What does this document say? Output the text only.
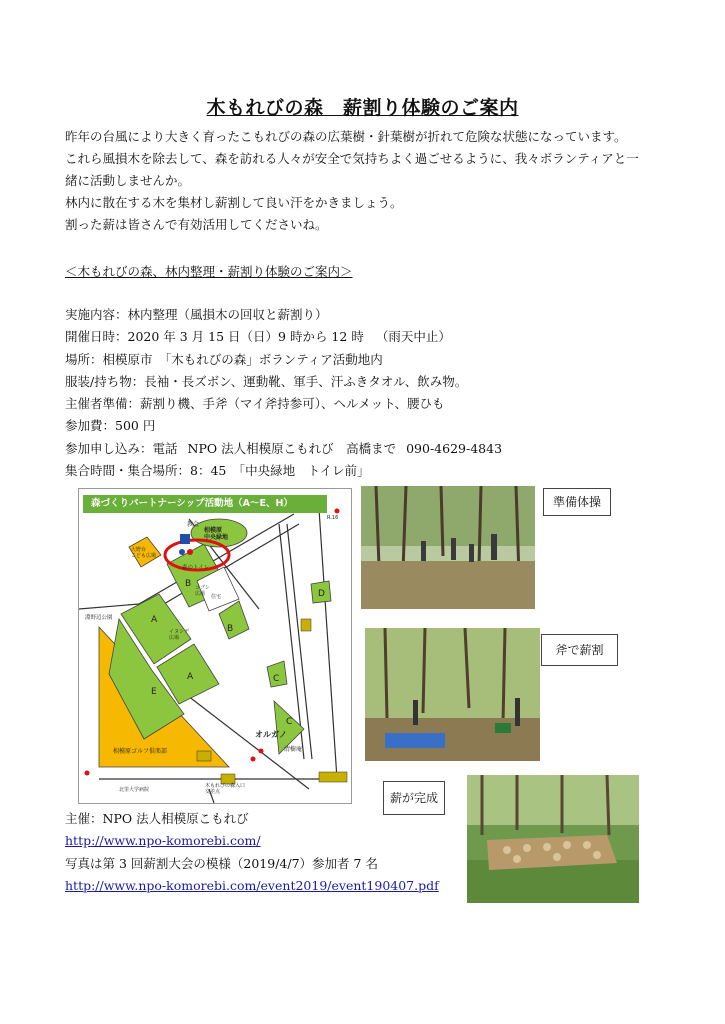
木もれびの森　薪割り体験のご案内

昨年の台風により大きく育ったこもれびの森の広葉樹・針葉樹が折れて危険な状態になっています。

これら風損木を除去して、森を訪れる人々が安全で気持ちよく過ごせるように、我々ボランティアと一

緒に活動しませんか。

林内に散在する木を集材し薪割して良い汗をかきましょう。

割った薪は皆さんで有効活用してくださいね。

＜木もれびの森、林内整理・薪割り体験のご案内＞

実施内容：林内整理（風損木の回収と薪割り）

開催日時：2020 年 3 月 15 日（日）9 時から 12 時 （雨天中止）

場所：相模原市　「木もれびの森」ボランティア活動地内

服装/持ち物：長袖・長ズボン、運動靴、軍手、汗ふきタオル、飲み物。

主催者準備：薪割り機、手斧（マイ斧持参可）、ヘルメット、腰ひも

参加費：500 円

参加申し込み：電話 NPO 法人相模原こもれび　高橋まで 090-4629-4843

集合時間・集合場所：8：45　「中央緑地　トイレ前」

B
B
A
A
E
C
C
D
森づくりパートナーシップ活動地（A～E、H）
教会
相模原
中央緑地
森のトイレ
大野台
こども広場
コブシ
広場
イヌシデ
広場
住宅
淵野辺公園
相模原ゴルフ倶楽部
オルガノ
清樹庵
北里大学病院
木もれびの森入口
交差点
R.16
準備体操
斧で薪割
薪が完成

主催：NPO 法人相模原こもれび

http://www.npo-komorebi.com/

写真は第 3 回薪割大会の模様（2019/4/7）参加者 7 名

http://www.npo-komorebi.com/event2019/event190407.pdf
